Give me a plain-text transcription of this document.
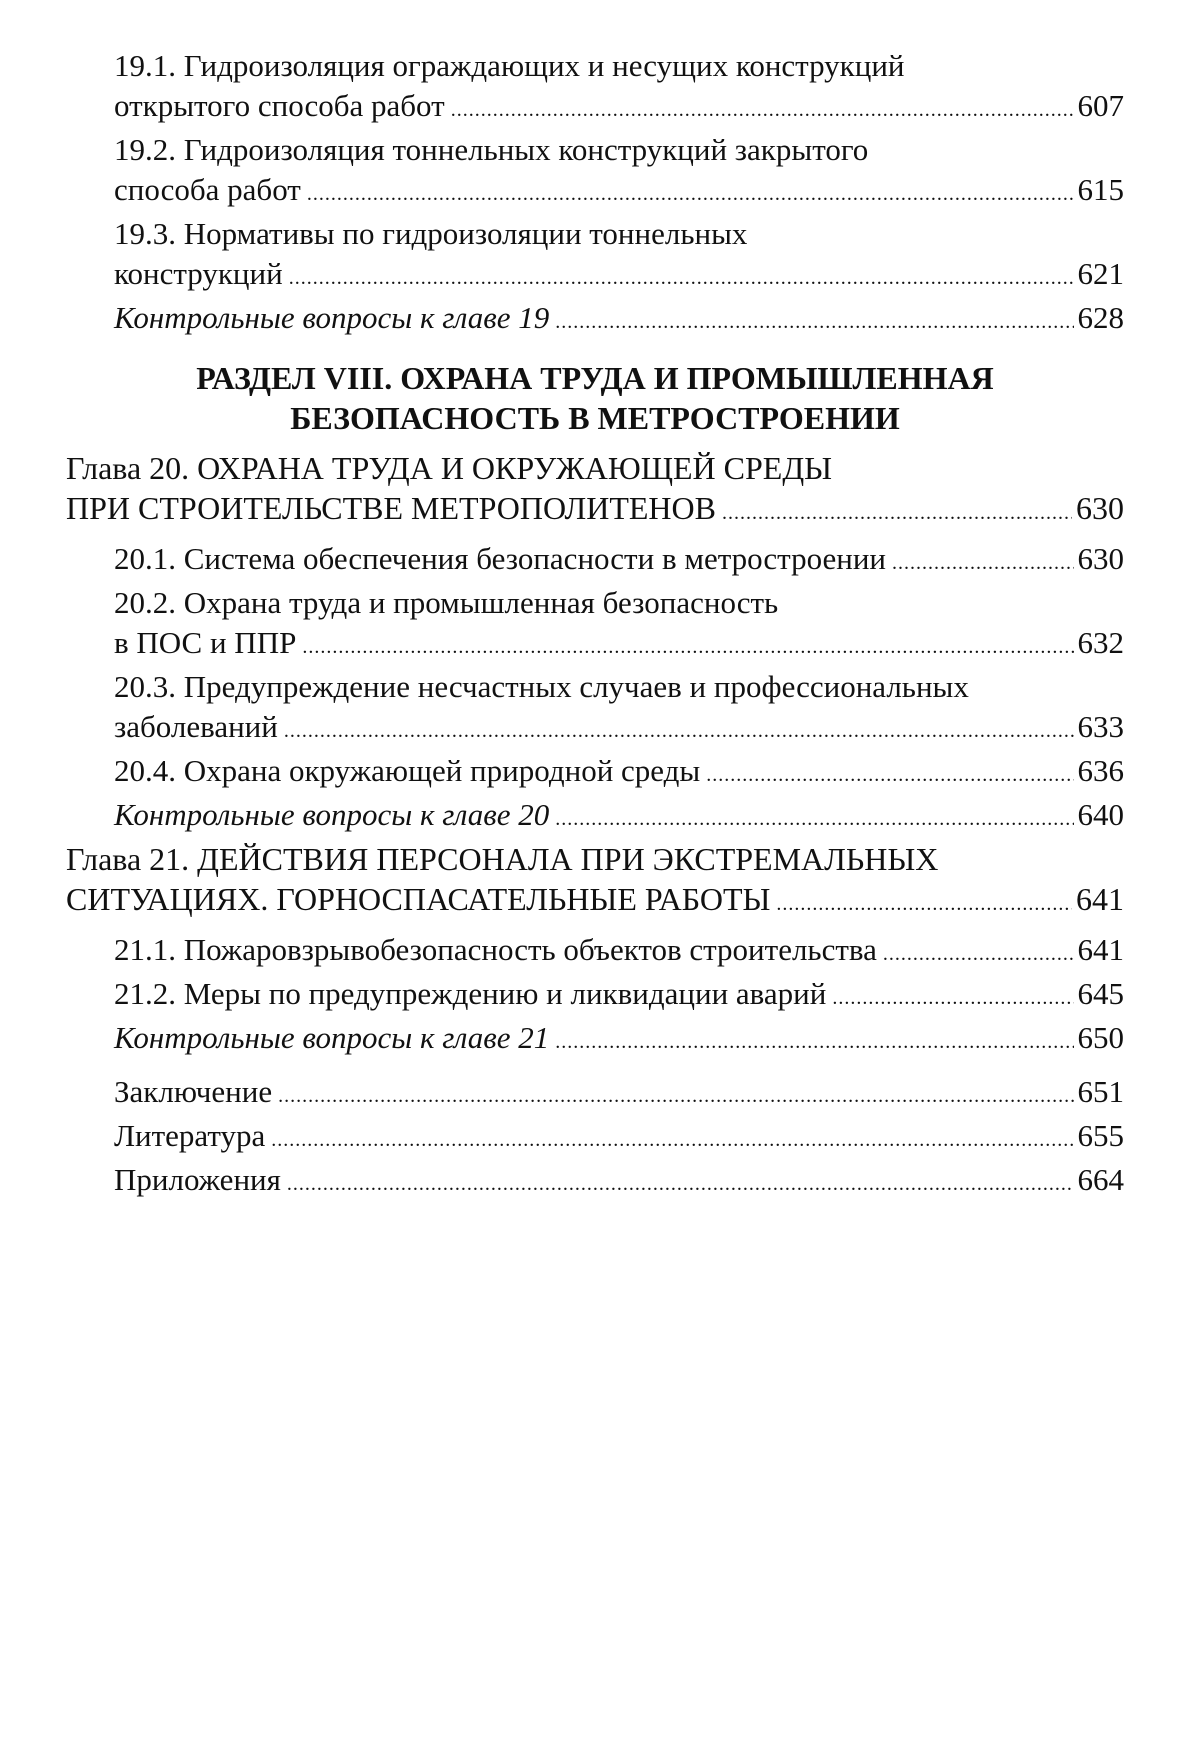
19.1. Гидроизоляция ограждающих и несущих конструкций
открытого способа работ .....	607
19.2. Гидроизоляция тоннельных конструкций закрытого
способа работ .....	615
19.3. Нормативы по гидроизоляции тоннельных
конструкций .....	621
Контрольные вопросы к главе 19 .....	628
РАЗДЕЛ VIII. ОХРАНА ТРУДА И ПРОМЫШЛЕННАЯ
БЕЗОПАСНОСТЬ В МЕТРОСТРОЕНИИ
Глава 20. ОХРАНА ТРУДА И ОКРУЖАЮЩЕЙ СРЕДЫ
ПРИ СТРОИТЕЛЬСТВЕ МЕТРОПОЛИТЕНОВ .....	630
20.1. Система обеспечения безопасности в метростроении .....	630
20.2. Охрана труда и промышленная безопасность
в ПОС и ППР .....	632
20.3. Предупреждение несчастных случаев и профессиональных
заболеваний .....	633
20.4. Охрана окружающей природной среды .....	636
Контрольные вопросы к главе 20 .....	640
Глава 21. ДЕЙСТВИЯ ПЕРСОНАЛА ПРИ ЭКСТРЕМАЛЬНЫХ
СИТУАЦИЯХ. ГОРНОСПАСАТЕЛЬНЫЕ РАБОТЫ .....	641
21.1. Пожаровзрывобезопасность объектов строительства .....	641
21.2. Меры по предупреждению и ликвидации аварий .....	645
Контрольные вопросы к главе 21 .....	650
Заключение .....	651
Литература .....	655
Приложения .....	664
